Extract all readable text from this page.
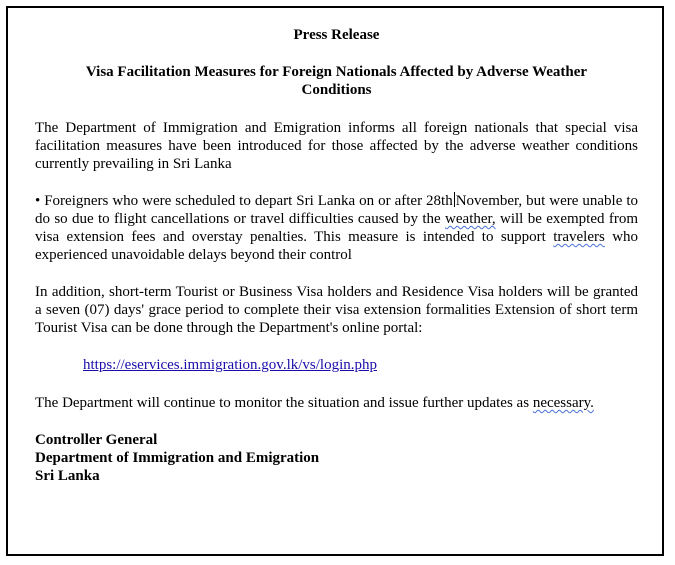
Press Release
Visa Facilitation Measures for Foreign Nationals Affected by Adverse Weather Conditions

The Department of Immigration and Emigration informs all foreign nationals that special visa facilitation measures have been introduced for those affected by the adverse weather conditions currently prevailing in Sri Lanka

• Foreigners who were scheduled to depart Sri Lanka on or after 28th November, but were unable to do so due to flight cancellations or travel difficulties caused by the weather, will be exempted from visa extension fees and overstay penalties. This measure is intended to support travelers who experienced unavoidable delays beyond their control

In addition, short-term Tourist or Business Visa holders and Residence Visa holders will be granted a seven (07) days' grace period to complete their visa extension formalities Extension of short term Tourist Visa can be done through the Department's online portal:

https://eservices.immigration.gov.lk/vs/login.php

The Department will continue to monitor the situation and issue further updates as necessary.

Controller General

Department of Immigration and Emigration

Sri Lanka
